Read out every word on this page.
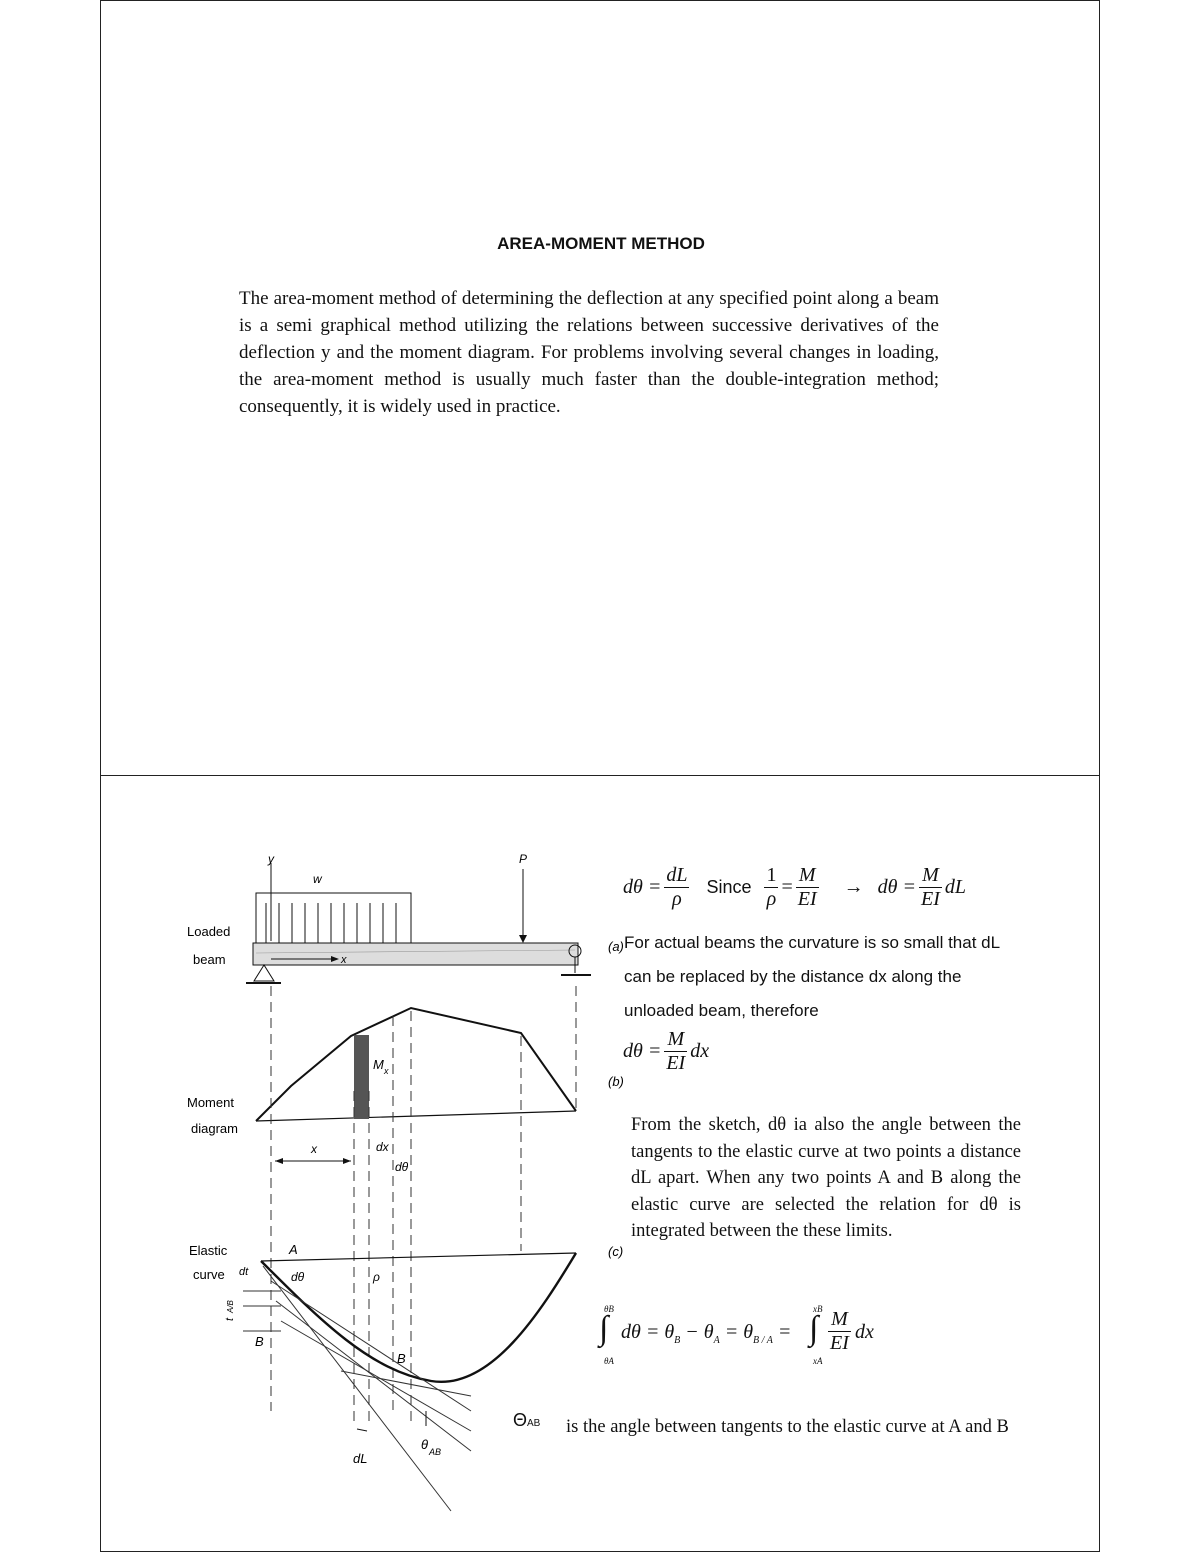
AREA-MOMENT METHOD
The area-moment method of determining the deflection at any specified point along a beam is a semi graphical method utilizing the relations between successive derivatives of the deflection y and the moment diagram. For problems involving several changes in loading, the area-moment method is usually much faster than the double-integration method; consequently, it is widely used in practice.
Loaded
beam
Moment
diagram
Elastic
curve
y
w
P
x
M x
x	dx
dθ
A
B
B
ρ
dθ
dt
t
A/B
dL
θ AB
(a)
(b)
(c)
$d\theta = \frac{dL}{\rho}$ Since $\frac{1}{\rho} = \frac{M}{EI} \to d\theta = \frac{M}{EI}$ dL
For actual beams the curvature is so small that dL can be replaced by the distance dx along the unloaded beam, therefore
$d\theta = \frac{M}{EI}$ dx
From the sketch, dθ ia also the angle between the tangents to the elastic curve at two points a distance dL apart. When any two points A and B along the elastic curve are selected the relation for dθ is integrated between the these limits.
θB
∫
θA
$d\theta = \theta_B - \theta_A = \theta_{B / A}$ =
xB
∫
xA
$\frac{M}{EI}$ dx
ΘAB is the angle between tangents to the elastic curve at A and B
